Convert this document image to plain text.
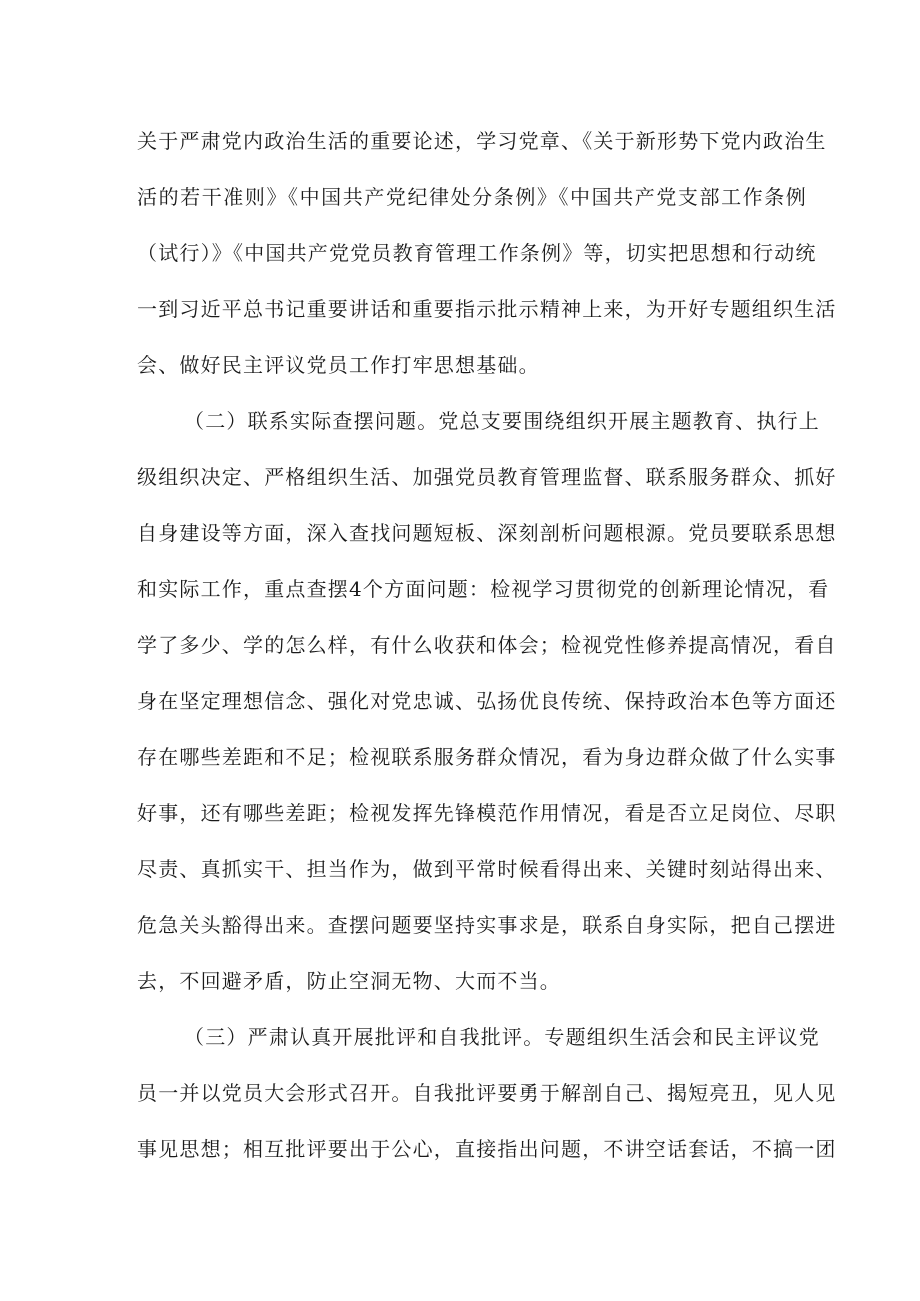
关于严肃党内政治生活的重要论述，学习党章、《关于新形势下党内政治生
活的若干准则》《中国共产党纪律处分条例》《中国共产党支部工作条例
（试行）》《中国共产党党员教育管理工作条例》等，切实把思想和行动统
一到习近平总书记重要讲话和重要指示批示精神上来，为开好专题组织生活
会、做好民主评议党员工作打牢思想基础。
（二）联系实际查摆问题。党总支要围绕组织开展主题教育、执行上
级组织决定、严格组织生活、加强党员教育管理监督、联系服务群众、抓好
自身建设等方面，深入查找问题短板、深刻剖析问题根源。党员要联系思想
和实际工作，重点查摆4个方面问题：检视学习贯彻党的创新理论情况，看
学了多少、学的怎么样，有什么收获和体会；检视党性修养提高情况，看自
身在坚定理想信念、强化对党忠诚、弘扬优良传统、保持政治本色等方面还
存在哪些差距和不足；检视联系服务群众情况，看为身边群众做了什么实事
好事，还有哪些差距；检视发挥先锋模范作用情况，看是否立足岗位、尽职
尽责、真抓实干、担当作为，做到平常时候看得出来、关键时刻站得出来、
危急关头豁得出来。查摆问题要坚持实事求是，联系自身实际，把自己摆进
去，不回避矛盾，防止空洞无物、大而不当。
（三）严肃认真开展批评和自我批评。专题组织生活会和民主评议党
员一并以党员大会形式召开。自我批评要勇于解剖自己、揭短亮丑，见人见
事见思想；相互批评要出于公心，直接指出问题，不讲空话套话，不搞一团
